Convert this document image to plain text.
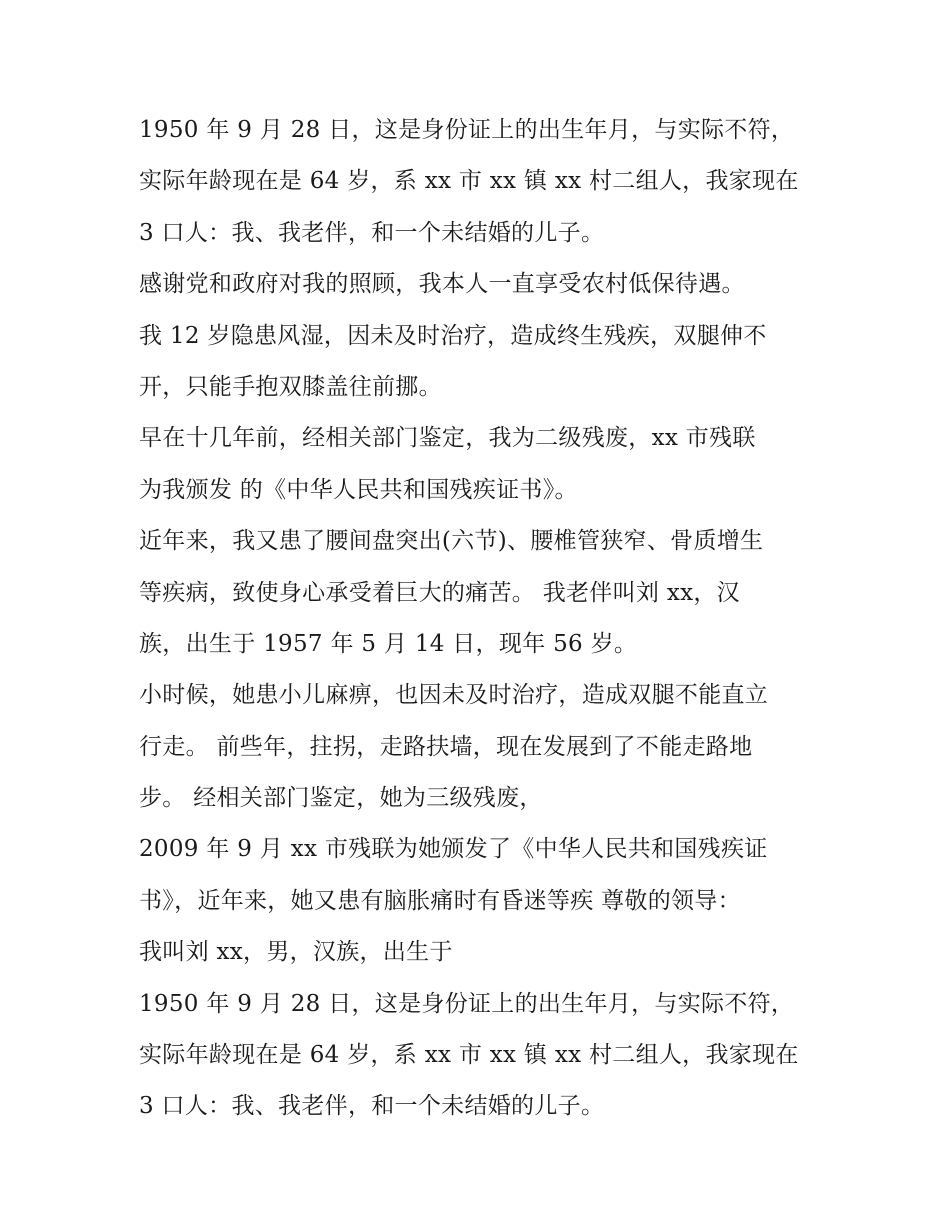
1950 年 9 月 28 日，这是身份证上的出生年月，与实际不符，
实际年龄现在是 64 岁，系 xx 市 xx 镇 xx 村二组人，我家现在
3 口人：我、我老伴，和一个未结婚的儿子。
感谢党和政府对我的照顾，我本人一直享受农村低保待遇。
我 12 岁隐患风湿，因未及时治疗，造成终生残疾，双腿伸不
开，只能手抱双膝盖往前挪。
早在十几年前，经相关部门鉴定，我为二级残废，xx 市残联
为我颁发 的《中华人民共和国残疾证书》。
近年来，我又患了腰间盘突出(六节)、腰椎管狭窄、骨质增生
等疾病，致使身心承受着巨大的痛苦。 我老伴叫刘 xx，汉
族，出生于 1957 年 5 月 14 日，现年 56 岁。
小时候，她患小儿麻痹，也因未及时治疗，造成双腿不能直立
行走。 前些年，拄拐，走路扶墙，现在发展到了不能走路地
步。 经相关部门鉴定，她为三级残废，
2009 年 9 月 xx 市残联为她颁发了《中华人民共和国残疾证
书》，近年来，她又患有脑胀痛时有昏迷等疾 尊敬的领导：
我叫刘 xx，男，汉族，出生于
1950 年 9 月 28 日，这是身份证上的出生年月，与实际不符，
实际年龄现在是 64 岁，系 xx 市 xx 镇 xx 村二组人，我家现在
3 口人：我、我老伴，和一个未结婚的儿子。
